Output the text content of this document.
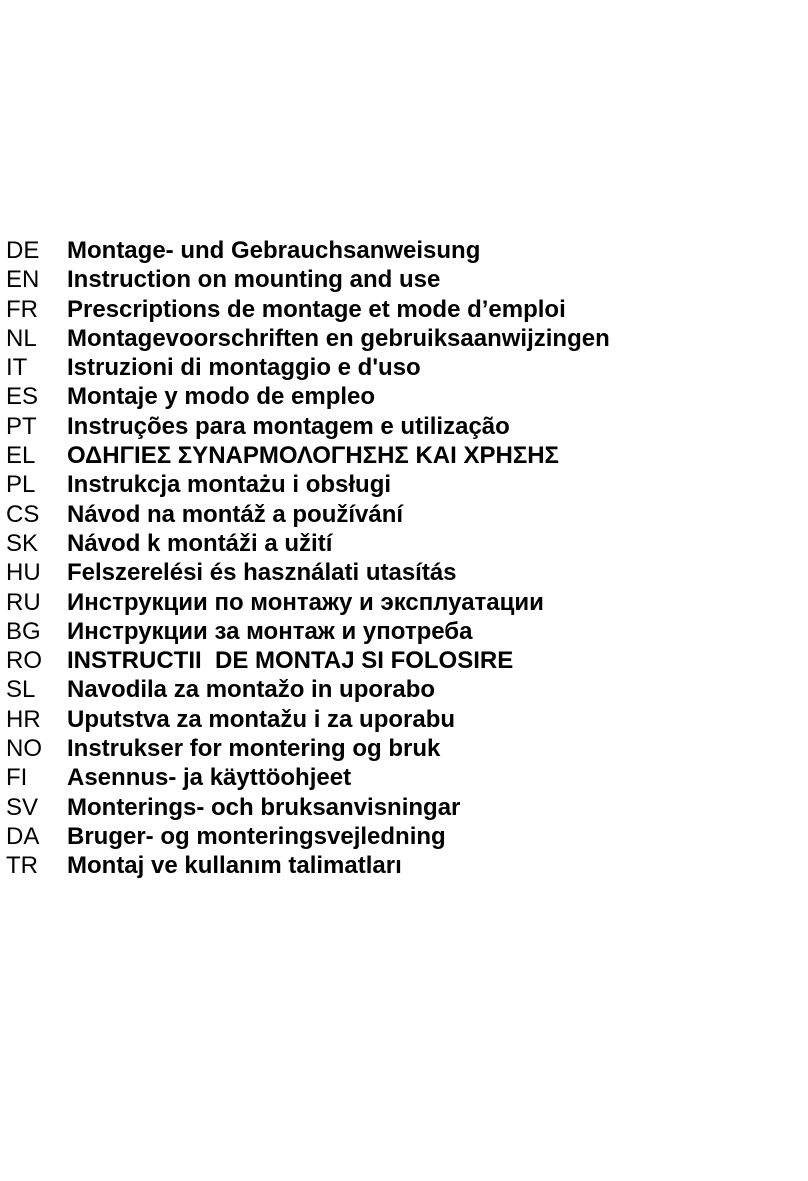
DE	Montage- und Gebrauchsanweisung
EN	Instruction on mounting and use
FR	Prescriptions de montage et mode d’emploi
NL	Montagevoorschriften en gebruiksaanwijzingen
IT	Istruzioni di montaggio e d'uso
ES	Montaje y modo de empleo
PT	Instruções para montagem e utilização
EL	ΟΔΗΓΙΕΣ ΣΥΝΑΡΜΟΛΟΓΗΣΗΣ ΚΑΙ ΧΡΗΣΗΣ
PL	Instrukcja montażu i obsługi
CS	Návod na montáž a používání
SK	Návod k montáži a užití
HU	Felszerelési és használati utasítás
RU	Инструкции по монтажу и эксплуатации
BG	Инструкции за монтаж и употреба
RO	INSTRUCTII  DE MONTAJ SI FOLOSIRE
SL	Navodila za montažo in uporabo
HR	Uputstva za montažu i za uporabu
NO	Instrukser for montering og bruk
FI	Asennus- ja käyttöohjeet
SV	Monterings- och bruksanvisningar
DA	Bruger- og monteringsvejledning
TR	Montaj ve kullanım talimatları
